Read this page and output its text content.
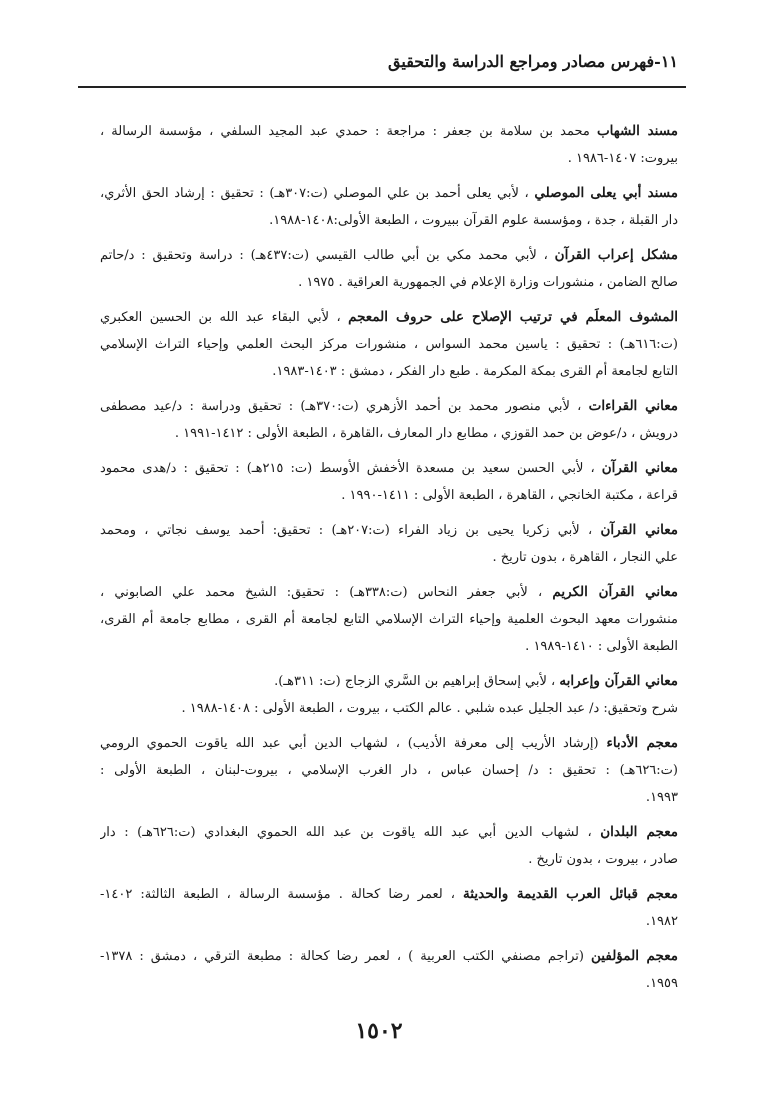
١١-فهرس مصادر ومراجع الدراسة والتحقيق
مسند الشهاب محمد بن سلامة بن جعفر : مراجعة : حمدي عبد المجيد السلفي ، مؤسسة الرسالة ،
بيروت: ١٤٠٧-١٩٨٦ .
مسند أبي يعلى الموصلي ، لأبي يعلى أحمد بن علي الموصلي (ت:٣٠٧هـ) : تحقيق : إرشاد الحق الأثري،
دار القبلة ، جدة ، ومؤسسة علوم القرآن ببيروت ، الطبعة الأولى:١٤٠٨-١٩٨٨.
مشكل إعراب القرآن ، لأبي محمد مكي بن أبي طالب القيسي (ت:٤٣٧هـ) : دراسة وتحقيق : د/حاتم
صالح الضامن ، منشورات وزارة الإعلام في الجمهورية العراقية . ١٩٧٥ .
المشوف المعلَم في ترتيب الإصلاح على حروف المعجم ، لأبي البقاء عبد الله بن الحسين العكبري
(ت:٦١٦هـ) : تحقيق : ياسين محمد السواس ، منشورات مركز البحث العلمي وإحياء التراث الإسلامي
التابع لجامعة أم القرى بمكة المكرمة . طبع دار الفكر ، دمشق : ١٤٠٣-١٩٨٣.
معاني القراءات ، لأبي منصور محمد بن أحمد الأزهري (ت:٣٧٠هـ) : تحقيق ودراسة : د/عيد مصطفى
درويش ، د/عوض بن حمد القوزي ، مطابع دار المعارف ،القاهرة ، الطبعة الأولى : ١٤١٢-١٩٩١ .
معاني القرآن ، لأبي الحسن سعيد بن مسعدة الأخفش الأوسط (ت: ٢١٥هـ) : تحقيق : د/هدى محمود
قراعة ، مكتبة الخانجي ، القاهرة ، الطبعة الأولى : ١٤١١-١٩٩٠ .
معاني القرآن ، لأبي زكريا يحيى بن زياد الفراء (ت:٢٠٧هـ) : تحقيق: أحمد يوسف نجاتي ، ومحمد
علي النجار ، القاهرة ، بدون تاريخ .
معاني القرآن الكريم ، لأبي جعفر النحاس (ت:٣٣٨هـ) : تحقيق: الشيخ محمد علي الصابوني ،
منشورات معهد البحوث العلمية وإحياء التراث الإسلامي التابع لجامعة أم القرى ، مطابع جامعة أم القرى،
الطبعة الأولى : ١٤١٠-١٩٨٩ .
معاني القرآن وإعرابه ، لأبي إسحاق إبراهيم بن السَّري الزجاج (ت: ٣١١هـ).
شرح وتحقيق: د/ عبد الجليل عبده شلبي . عالم الكتب ، بيروت ، الطبعة الأولى : ١٤٠٨-١٩٨٨ .
معجم الأدباء (إرشاد الأريب إلى معرفة الأديب) ، لشهاب الدين أبي عبد الله ياقوت الحموي الرومي
(ت:٦٢٦هـ) : تحقيق : د/ إحسان عباس ، دار الغرب الإسلامي ، بيروت-لبنان ، الطبعة الأولى :
١٩٩٣.
معجم البلدان ، لشهاب الدين أبي عبد الله ياقوت بن عبد الله الحموي البغدادي (ت:٦٢٦هـ) : دار
صادر ، بيروت ، بدون تاريخ .
معجم قبائل العرب القديمة والحديثة ، لعمر رضا كحالة . مؤسسة الرسالة ، الطبعة الثالثة: ١٤٠٢-
١٩٨٢.
معجم المؤلفين (تراجم مصنفي الكتب العربية ) ، لعمر رضا كحالة : مطبعة الترقي ، دمشق : ١٣٧٨-
١٩٥٩.
١٥٠٢
